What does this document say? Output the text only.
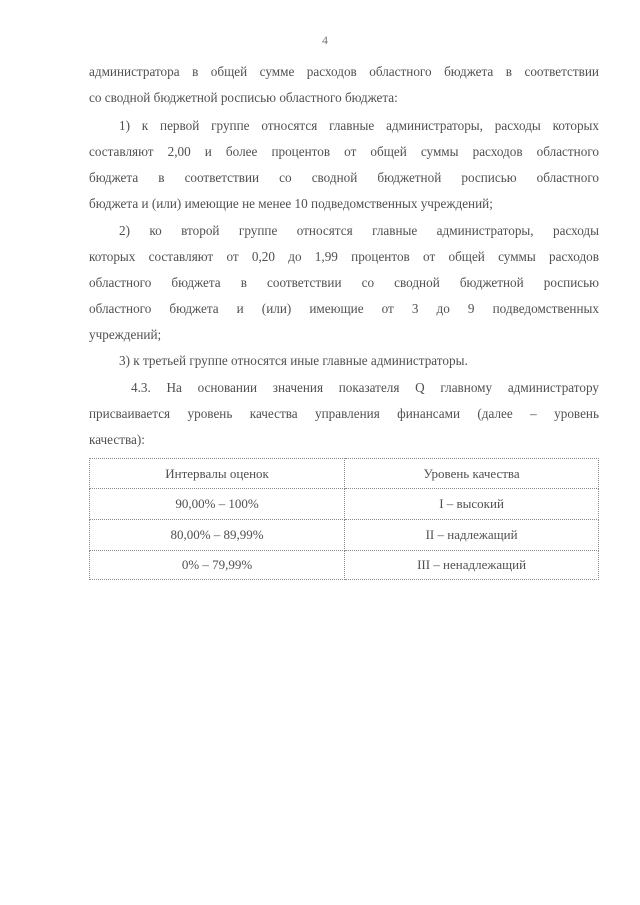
4
администратора в общей сумме расходов областного бюджета в соответствии
со сводной бюджетной росписью областного бюджета:
1) к первой группе относятся главные администраторы, расходы которых
составляют 2,00 и более процентов от общей суммы расходов областного
бюджета в соответствии со сводной бюджетной росписью областного
бюджета и (или) имеющие не менее 10 подведомственных учреждений;
2) ко второй группе относятся главные администраторы, расходы
которых составляют от 0,20 до 1,99 процентов от общей суммы расходов
областного бюджета в соответствии со сводной бюджетной росписью
областного бюджета и (или) имеющие от 3 до 9 подведомственных
учреждений;
3) к третьей группе относятся иные главные администраторы.
4.3. На основании значения показателя Q главному администратору
присваивается уровень качества управления финансами (далее – уровень
качества):
Интервалы оценок	Уровень качества
90,00% – 100%	I – высокий
80,00% – 89,99%	II – надлежащий
0% – 79,99%	III – ненадлежащий
